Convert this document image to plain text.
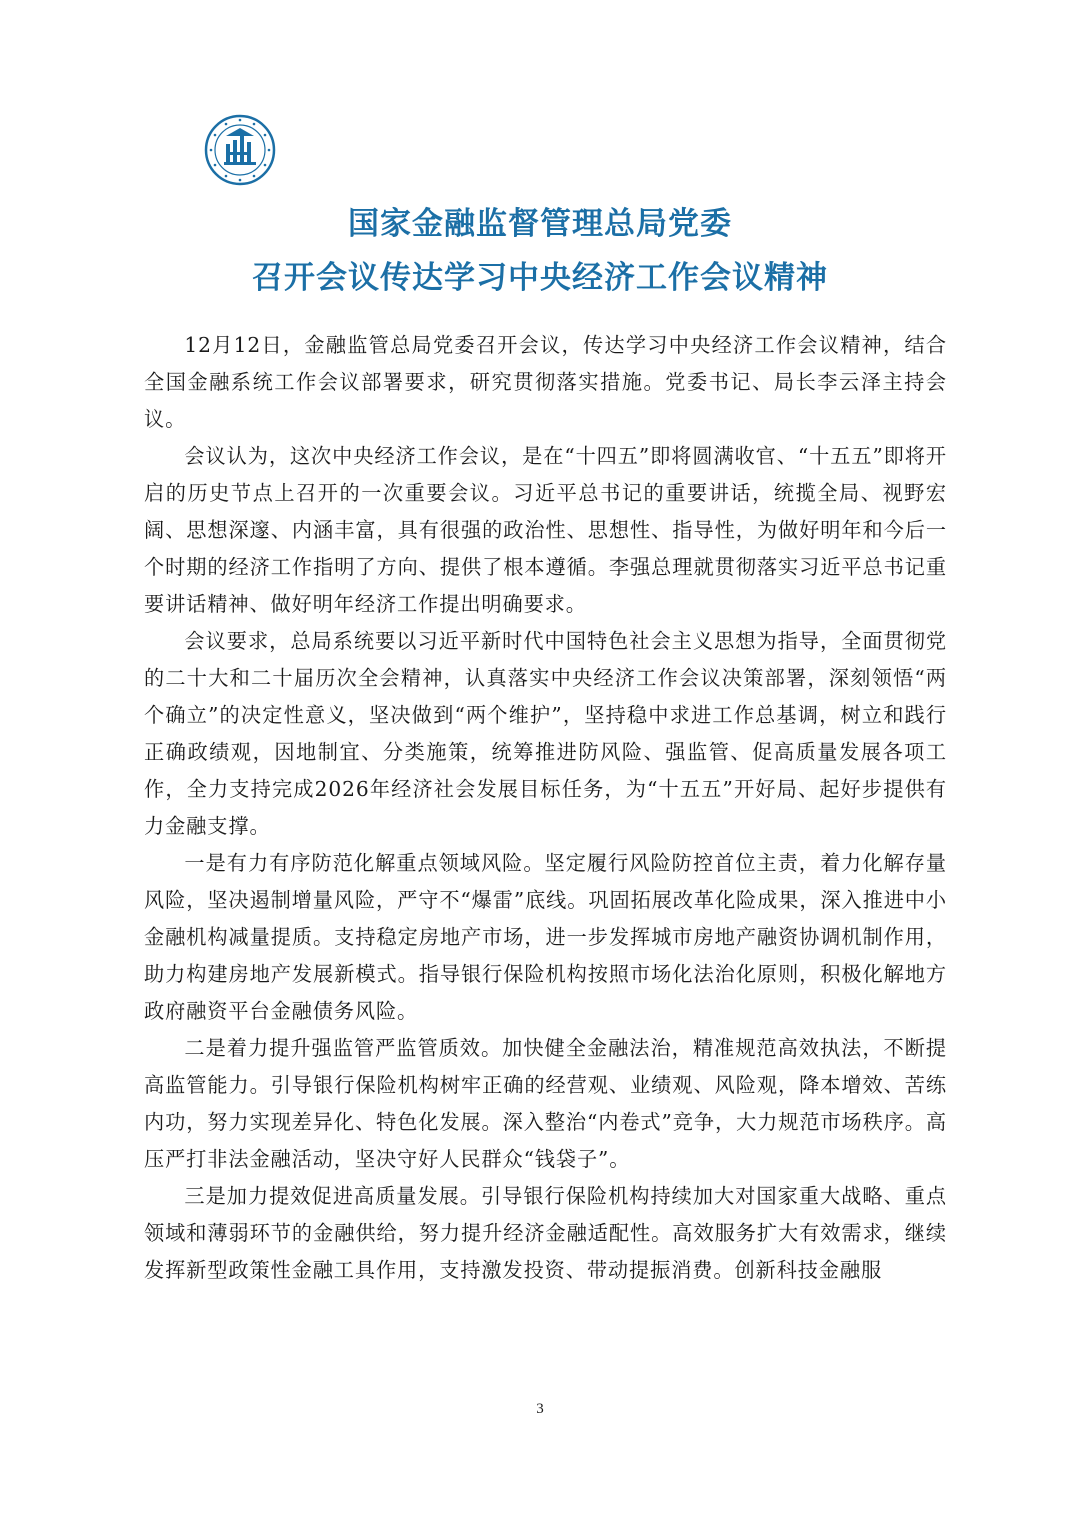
国家金融监督管理总局党委
召开会议传达学习中央经济工作会议精神

12月12日，金融监管总局党委召开会议，传达学习中央经济工作会议精神，结合全国金融系统工作会议部署要求，研究贯彻落实措施。党委书记、局长李云泽主持会议。

会议认为，这次中央经济工作会议，是在“十四五”即将圆满收官、“十五五”即将开启的历史节点上召开的一次重要会议。习近平总书记的重要讲话，统揽全局、视野宏阔、思想深邃、内涵丰富，具有很强的政治性、思想性、指导性，为做好明年和今后一个时期的经济工作指明了方向、提供了根本遵循。李强总理就贯彻落实习近平总书记重要讲话精神、做好明年经济工作提出明确要求。

会议要求，总局系统要以习近平新时代中国特色社会主义思想为指导，全面贯彻党的二十大和二十届历次全会精神，认真落实中央经济工作会议决策部署，深刻领悟“两个确立”的决定性意义，坚决做到“两个维护”，坚持稳中求进工作总基调，树立和践行正确政绩观，因地制宜、分类施策，统筹推进防风险、强监管、促高质量发展各项工作，全力支持完成2026年经济社会发展目标任务，为“十五五”开好局、起好步提供有力金融支撑。

一是有力有序防范化解重点领域风险。坚定履行风险防控首位主责，着力化解存量风险，坚决遏制增量风险，严守不“爆雷”底线。巩固拓展改革化险成果，深入推进中小金融机构减量提质。支持稳定房地产市场，进一步发挥城市房地产融资协调机制作用，助力构建房地产发展新模式。指导银行保险机构按照市场化法治化原则，积极化解地方政府融资平台金融债务风险。

二是着力提升强监管严监管质效。加快健全金融法治，精准规范高效执法，不断提高监管能力。引导银行保险机构树牢正确的经营观、业绩观、风险观，降本增效、苦练内功，努力实现差异化、特色化发展。深入整治“内卷式”竞争，大力规范市场秩序。高压严打非法金融活动，坚决守好人民群众“钱袋子”。

三是加力提效促进高质量发展。引导银行保险机构持续加大对国家重大战略、重点领域和薄弱环节的金融供给，努力提升经济金融适配性。高效服务扩大有效需求，继续发挥新型政策性金融工具作用，支持激发投资、带动提振消费。创新科技金融服

3
